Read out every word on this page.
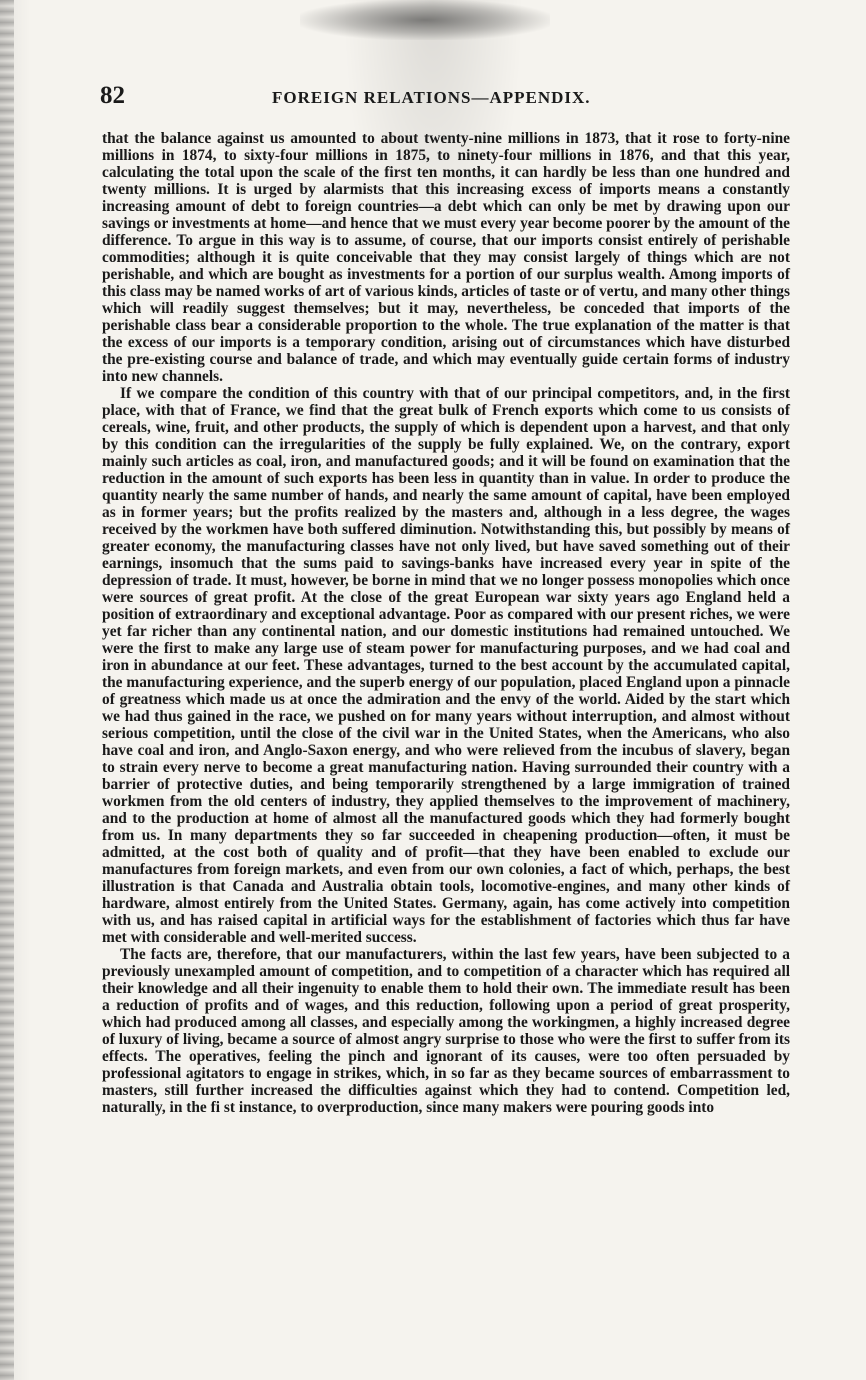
82	FOREIGN RELATIONS—APPENDIX.

that the balance against us amounted to about twenty-nine millions in 1873, that it rose to forty-nine millions in 1874, to sixty-four millions in 1875, to ninety-four millions in 1876, and that this year, calculating the total upon the scale of the first ten months, it can hardly be less than one hundred and twenty millions. It is urged by alarmists that this increasing excess of imports means a constantly increasing amount of debt to foreign countries—a debt which can only be met by drawing upon our savings or investments at home—and hence that we must every year become poorer by the amount of the difference. To argue in this way is to assume, of course, that our imports consist entirely of perishable commodities; although it is quite conceivable that they may consist largely of things which are not perishable, and which are bought as investments for a portion of our surplus wealth. Among imports of this class may be named works of art of various kinds, articles of taste or of vertu, and many other things which will readily suggest themselves; but it may, nevertheless, be conceded that imports of the perishable class bear a considerable proportion to the whole. The true explanation of the matter is that the excess of our imports is a temporary condition, arising out of circumstances which have disturbed the pre-existing course and balance of trade, and which may eventually guide certain forms of industry into new channels.

If we compare the condition of this country with that of our principal competitors, and, in the first place, with that of France, we find that the great bulk of French exports which come to us consists of cereals, wine, fruit, and other products, the supply of which is dependent upon a harvest, and that only by this condition can the irregularities of the supply be fully explained. We, on the contrary, export mainly such articles as coal, iron, and manufactured goods; and it will be found on examination that the reduction in the amount of such exports has been less in quantity than in value. In order to produce the quantity nearly the same number of hands, and nearly the same amount of capital, have been employed as in former years; but the profits realized by the masters and, although in a less degree, the wages received by the workmen have both suffered diminution. Notwithstanding this, but possibly by means of greater economy, the manufacturing classes have not only lived, but have saved something out of their earnings, insomuch that the sums paid to savings-banks have increased every year in spite of the depression of trade. It must, however, be borne in mind that we no longer possess monopolies which once were sources of great profit. At the close of the great European war sixty years ago England held a position of extraordinary and exceptional advantage. Poor as compared with our present riches, we were yet far richer than any continental nation, and our domestic institutions had remained untouched. We were the first to make any large use of steam power for manufacturing purposes, and we had coal and iron in abundance at our feet. These advantages, turned to the best account by the accumulated capital, the manufacturing experience, and the superb energy of our population, placed England upon a pinnacle of greatness which made us at once the admiration and the envy of the world. Aided by the start which we had thus gained in the race, we pushed on for many years without interruption, and almost without serious competition, until the close of the civil war in the United States, when the Americans, who also have coal and iron, and Anglo-Saxon energy, and who were relieved from the incubus of slavery, began to strain every nerve to become a great manufacturing nation. Having surrounded their country with a barrier of protective duties, and being temporarily strengthened by a large immigration of trained workmen from the old centers of industry, they applied themselves to the improvement of machinery, and to the production at home of almost all the manufactured goods which they had formerly bought from us. In many departments they so far succeeded in cheapening production—often, it must be admitted, at the cost both of quality and of profit—that they have been enabled to exclude our manufactures from foreign markets, and even from our own colonies, a fact of which, perhaps, the best illustration is that Canada and Australia obtain tools, locomotive-engines, and many other kinds of hardware, almost entirely from the United States. Germany, again, has come actively into competition with us, and has raised capital in artificial ways for the establishment of factories which thus far have met with considerable and well-merited success.

The facts are, therefore, that our manufacturers, within the last few years, have been subjected to a previously unexampled amount of competition, and to competition of a character which has required all their knowledge and all their ingenuity to enable them to hold their own. The immediate result has been a reduction of profits and of wages, and this reduction, following upon a period of great prosperity, which had produced among all classes, and especially among the workingmen, a highly increased degree of luxury of living, became a source of almost angry surprise to those who were the first to suffer from its effects. The operatives, feeling the pinch and ignorant of its causes, were too often persuaded by professional agitators to engage in strikes, which, in so far as they became sources of embarrassment to masters, still further increased the difficulties against which they had to contend. Competition led, naturally, in the fi st instance, to overproduction, since many makers were pouring goods into
